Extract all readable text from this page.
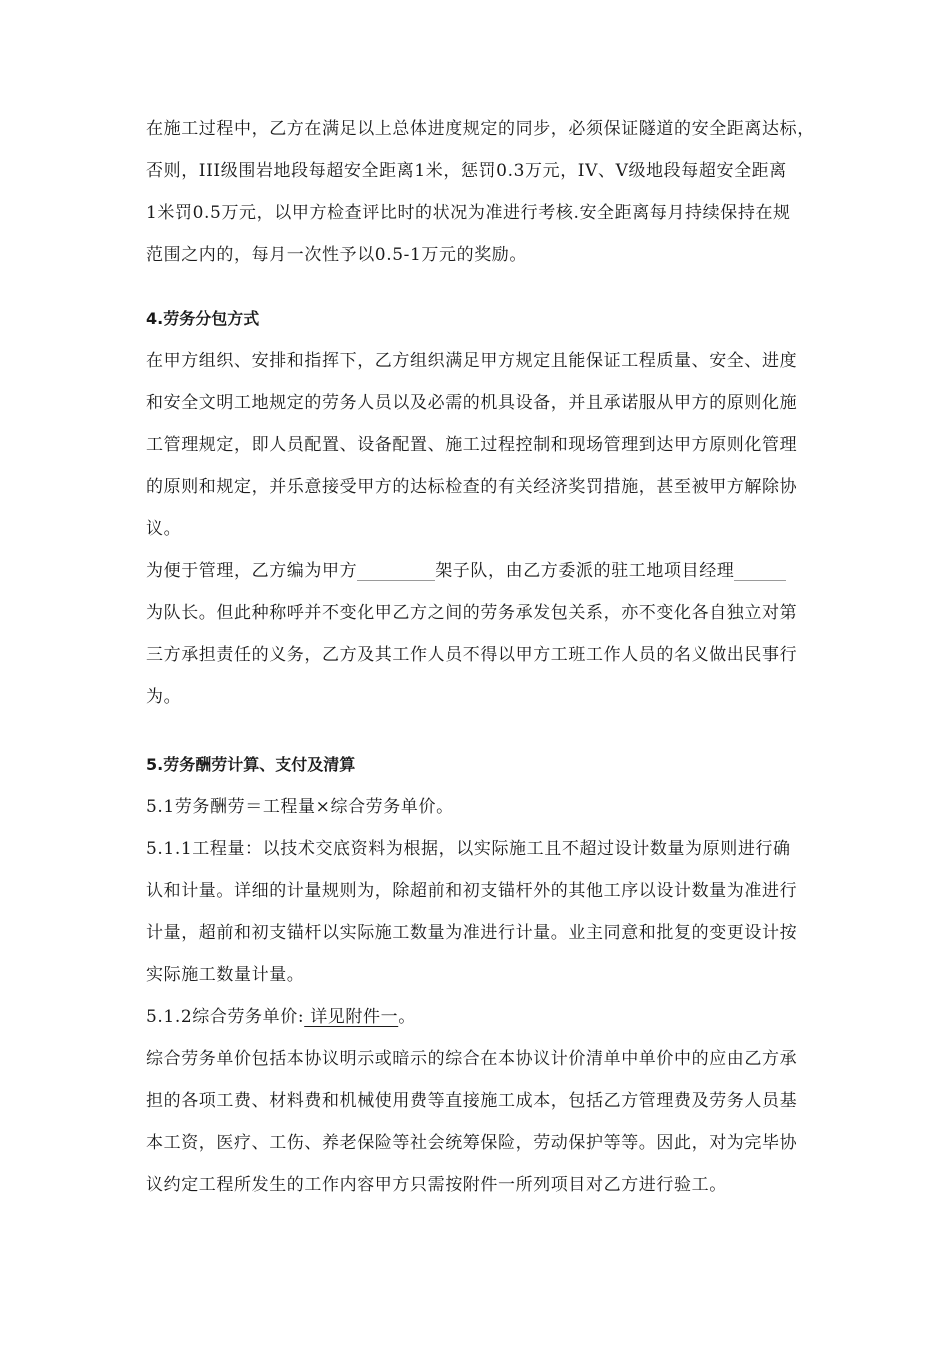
在施工过程中，乙方在满足以上总体进度规定的同步，必须保证隧道的安全距离达标，
否则，III级围岩地段每超安全距离1米，惩罚0.3万元，IV、V级地段每超安全距离
1米罚0.5万元，以甲方检查评比时的状况为准进行考核.安全距离每月持续保持在规
范围之内的，每月一次性予以0.5-1万元的奖励。
4.劳务分包方式
在甲方组织、安排和指挥下，乙方组织满足甲方规定且能保证工程质量、安全、进度
和安全文明工地规定的劳务人员以及必需的机具设备，并且承诺服从甲方的原则化施
工管理规定，即人员配置、设备配置、施工过程控制和现场管理到达甲方原则化管理
的原则和规定，并乐意接受甲方的达标检查的有关经济奖罚措施，甚至被甲方解除协
议。
为便于管理，乙方编为甲方	架子队，由乙方委派的驻工地项目经理
为队长。但此种称呼并不变化甲乙方之间的劳务承发包关系，亦不变化各自独立对第
三方承担责任的义务，乙方及其工作人员不得以甲方工班工作人员的名义做出民事行
为。
5.劳务酬劳计算、支付及清算
5.1劳务酬劳＝工程量×综合劳务单价。
5.1.1工程量：以技术交底资料为根据，以实际施工且不超过设计数量为原则进行确
认和计量。详细的计量规则为，除超前和初支锚杆外的其他工序以设计数量为准进行
计量，超前和初支锚杆以实际施工数量为准进行计量。业主同意和批复的变更设计按
实际施工数量计量。
5.1.2综合劳务单价: 详见附件一。
综合劳务单价包括本协议明示或暗示的综合在本协议计价清单中单价中的应由乙方承
担的各项工费、材料费和机械使用费等直接施工成本，包括乙方管理费及劳务人员基
本工资，医疗、工伤、养老保险等社会统筹保险，劳动保护等等。因此，对为完毕协
议约定工程所发生的工作内容甲方只需按附件一所列项目对乙方进行验工。
